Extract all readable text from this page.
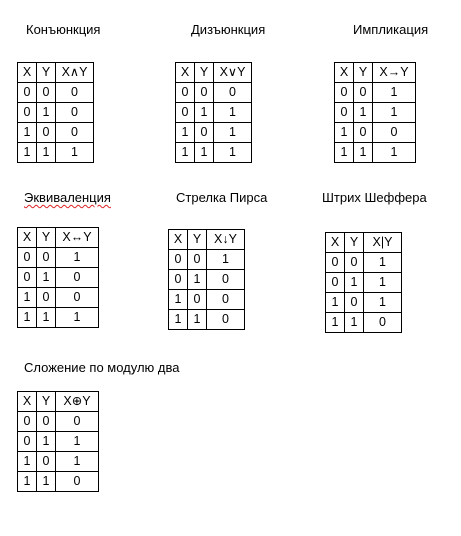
Конъюнкция
X	Y	X∧Y
0	0	0
0	1	0
1	0	0
1	1	1
Дизъюнкция
X	Y	X∨Y
0	0	0
0	1	1
1	0	1
1	1	1
Импликация
X	Y	X→Y
0	0	1
0	1	1
1	0	0
1	1	1
Эквиваленция
X	Y	X↔Y
0	0	1
0	1	0
1	0	0
1	1	1
Стрелка Пирса
X	Y	X↓Y
0	0	1
0	1	0
1	0	0
1	1	0
Штрих Шеффера
X	Y	X|Y
0	0	1
0	1	1
1	0	1
1	1	0
Сложение по модулю два
X	Y	X⊕Y
0	0	0
0	1	1
1	0	1
1	1	0
